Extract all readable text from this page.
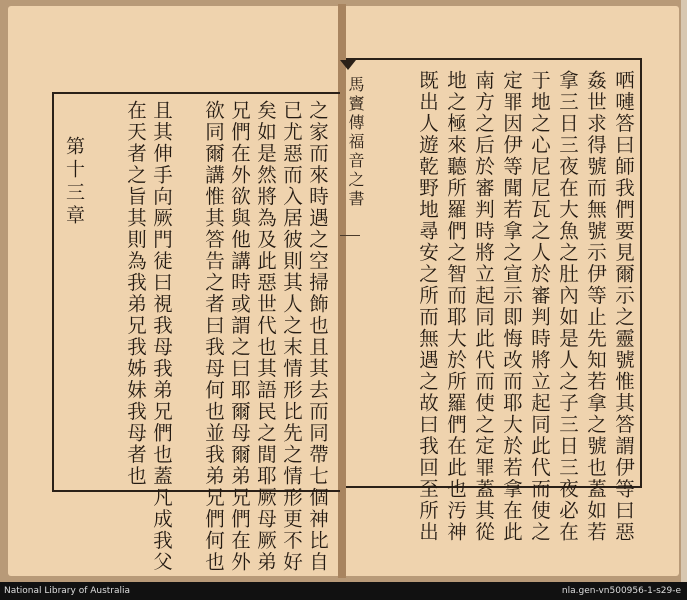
之家而來時遇之空掃飾也且其去而同帶七個神比自
已尤惡而入居彼則其人之末情形比先之情形更不好
矣如是然將為及此惡世代也其語民之間耶厥母厥弟
兄們在外欲與他講時或謂之曰耶爾母爾弟兄們在外
欲同爾講惟其答告之者曰我母何也並我弟兄們何也
且其伸手向厥門徒曰視我母我弟兄們也蓋凡成我父
在天者之旨其則為我弟兄我姊妹我母者也
第十三章	哂嗹答曰師我們要見爾示之靈號惟其答謂伊等曰惡
姦世求得號而無號示伊等止先知若拿之號也蓋如若
拿三日三夜在大魚之肚內如是人之子三日三夜必在
于地之心尼尼瓦之人於審判時將立起同此代而使之
定罪因伊等聞若拿之宣示即悔改而耶大於若拿在此
南方之后於審判時將立起同此代而使之定罪蓋其從
地之極來聽所羅們之智而耶大於所羅們在此也汚神
既出人遊乾野地尋安之所而無遇之故曰我回至所出
馬竇傳福音之書
National Library of Australia	nla.gen-vn500956-1-s29-e
